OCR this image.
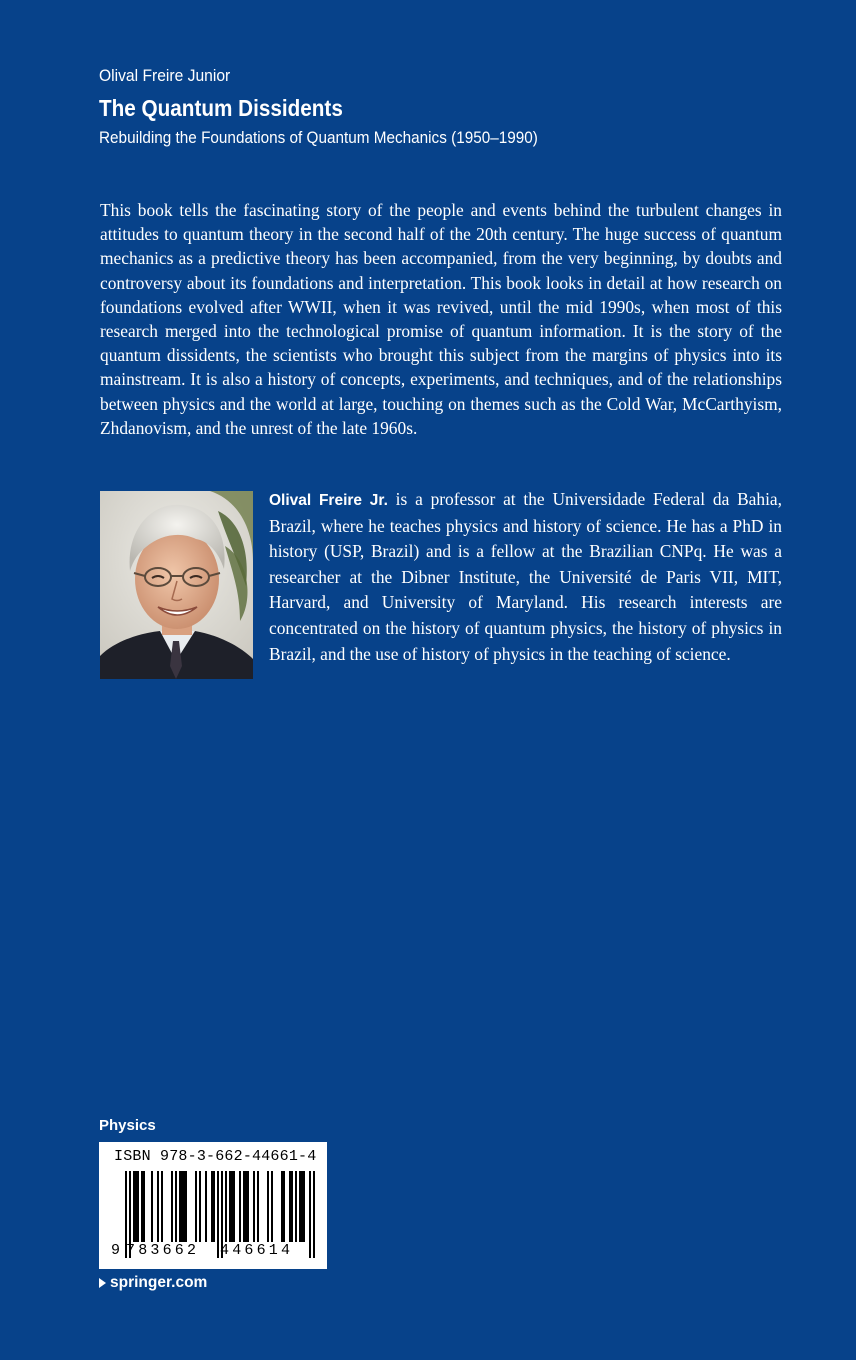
Olival Freire Junior
The Quantum Dissidents
Rebuilding the Foundations of Quantum Mechanics (1950–1990)
This book tells the fascinating story of the people and events behind the turbulent changes in attitudes to quantum theory in the second half of the 20th century. The huge success of quantum mechanics as a predictive theory has been accompanied, from the very beginning, by doubts and controversy about its foundations and interpretation. This book looks in detail at how research on foundations evolved after WWII, when it was revived, until the mid 1990s, when most of this research merged into the technological promise of quantum information. It is the story of the quantum dissidents, the scientists who brought this subject from the margins of physics into its mainstream. It is also a history of concepts, experiments, and techniques, and of the relationships between physics and the world at large, touching on themes such as the Cold War, McCarthyism, Zhdanovism, and the unrest of the late 1960s.
Olival Freire Jr. is a professor at the Universidade Federal da Bahia, Brazil, where he teaches physics and history of science. He has a PhD in history (USP, Brazil) and is a fellow at the Brazilian CNPq. He was a researcher at the Dibner Institute, the Université de Paris VII, MIT, Harvard, and University of Maryland. His research interests are concentrated on the history of quantum physics, the history of physics in Brazil, and the use of history of physics in the teaching of science.
Physics
ISBN 978-3-662-44661-4
9 783662 446614
springer.com
